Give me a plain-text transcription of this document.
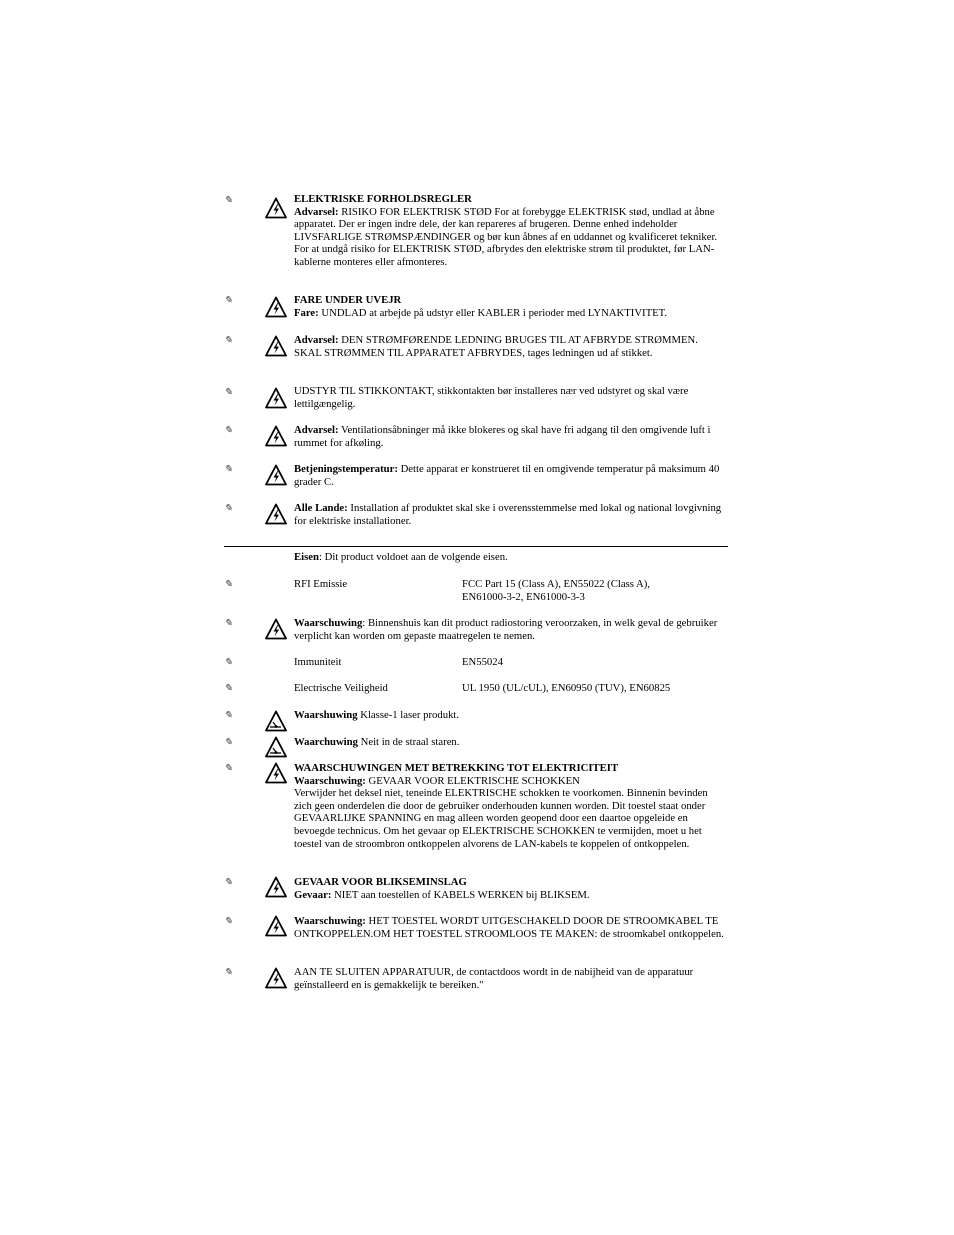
✎	ELEKTRISKE FORHOLDSREGLER
Advarsel: RISIKO FOR ELEKTRISK STØD For at forebygge ELEKTRISK stød, undlad at åbne apparatet. Der er ingen indre dele, der kan repareres af brugeren. Denne enhed indeholder LIVSFARLIGE STRØMSPÆNDINGER og bør kun åbnes af en uddannet og kvalificeret tekniker. For at undgå risiko for ELEKTRISK STØD, afbrydes den elektriske strøm til produktet, før LAN-kablerne monteres eller afmonteres.
✎	FARE UNDER UVEJR
Fare: UNDLAD at arbejde på udstyr eller KABLER i perioder med LYNAKTIVITET.
✎	Advarsel: DEN STRØMFØRENDE LEDNING BRUGES TIL AT AFBRYDE STRØMMEN. SKAL STRØMMEN TIL APPARATET AFBRYDES, tages ledningen ud af stikket.
✎	UDSTYR TIL STIKKONTAKT, stikkontakten bør installeres nær ved udstyret og skal være lettilgængelig.
✎	Advarsel: Ventilationsåbninger må ikke blokeres og skal have fri adgang til den omgivende luft i rummet for afkøling.
✎	Betjeningstemperatur: Dette apparat er konstrueret til en omgivende temperatur på maksimum 40 grader C.
✎	Alle Lande: Installation af produktet skal ske i overensstemmelse med lokal og national lovgivning for elektriske installationer.
Eisen: Dit product voldoet aan de volgende eisen.
✎	RFI Emissie	FCC Part 15 (Class A), EN55022 (Class A), EN61000-3-2, EN61000-3-3
✎	Waarschuwing: Binnenshuis kan dit product radiostoring veroorzaken, in welk geval de gebruiker verplicht kan worden om gepaste maatregelen te nemen.
✎	Immuniteit	EN55024
✎	Electrische Veiligheid	UL 1950 (UL/cUL), EN60950 (TUV), EN60825
✎	Waarshuwing Klasse-1 laser produkt.
✎	Waarchuwing Neit in de straal staren.
✎	WAARSCHUWINGEN MET BETREKKING TOT ELEKTRICITEIT
Waarschuwing: GEVAAR VOOR ELEKTRISCHE SCHOKKEN
Verwijder het deksel niet, teneinde ELEKTRISCHE schokken te voorkomen. Binnenin bevinden zich geen onderdelen die door de gebruiker onderhouden kunnen worden. Dit toestel staat onder GEVAARLIJKE SPANNING en mag alleen worden geopend door een daartoe opgeleide en bevoegde technicus. Om het gevaar op ELEKTRISCHE SCHOKKEN te vermijden, moet u het toestel van de stroombron ontkoppelen alvorens de LAN-kabels te koppelen of ontkoppelen.
✎	GEVAAR VOOR BLIKSEMINSLAG
Gevaar: NIET aan toestellen of KABELS WERKEN bij BLIKSEM.
✎	Waarschuwing: HET TOESTEL WORDT UITGESCHAKELD DOOR DE STROOMKABEL TE ONTKOPPELEN.OM HET TOESTEL STROOMLOOS TE MAKEN: de stroomkabel ontkoppelen.
✎	AAN TE SLUITEN APPARATUUR, de contactdoos wordt in de nabijheid van de apparatuur geïnstalleerd en is gemakkelijk te bereiken."
